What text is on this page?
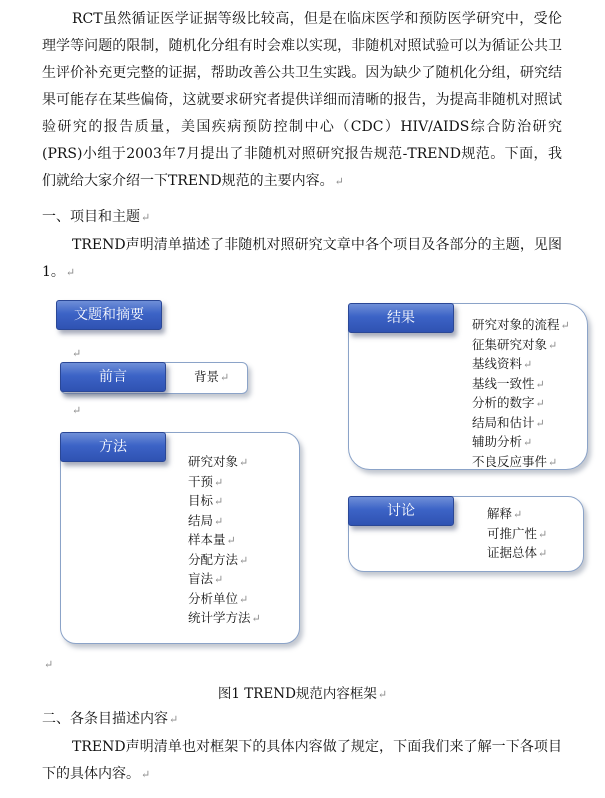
RCT虽然循证医学证据等级比较高，但是在临床医学和预防医学研究中，受伦理学等问题的限制，随机化分组有时会难以实现，非随机对照试验可以为循证公共卫生评价补充更完整的证据，帮助改善公共卫生实践。因为缺少了随机化分组，研究结果可能存在某些偏倚，这就要求研究者提供详细而清晰的报告，为提高非随机对照试验研究的报告质量，美国疾病预防控制中心（CDC）HIV/AIDS综合防治研究(PRS)小组于2003年7月提出了非随机对照研究报告规范-TREND规范。下面，我们就给大家介绍一下TREND规范的主要内容。↵

一、项目和主题↵

TREND声明清单描述了非随机对照研究文章中各个项目及各部分的主题，见图1。↵

文题和摘要
↵
前言	背景↵
↵
方法
研究对象↵
干预↵
目标↵
结局↵
样本量↵
分配方法↵
盲法↵
分析单位↵
统计学方法↵
结果	研究对象的流程↵
征集研究对象↵
基线资料↵
基线一致性↵
分析的数字↵
结局和估计↵
辅助分析↵
不良反应事件↵
讨论	解释↵
可推广性↵
证据总体↵
↵
图1 TREND规范内容框架↵
二、各条目描述内容↵

TREND声明清单也对框架下的具体内容做了规定，下面我们来了解一下各项目下的具体内容。↵
